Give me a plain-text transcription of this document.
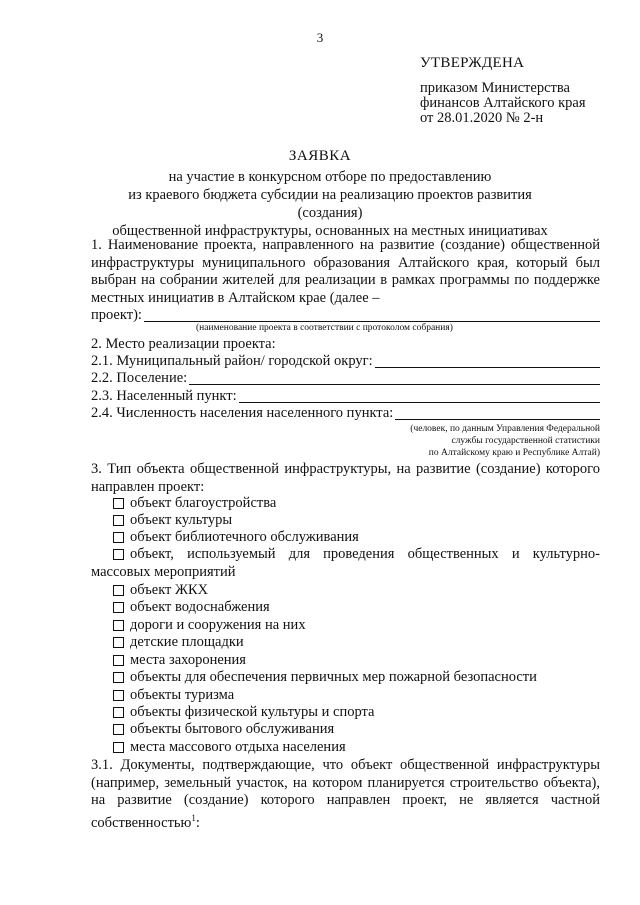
3
УТВЕРЖДЕНА
приказом Министерства
финансов Алтайского края
от 28.01.2020 № 2-н
ЗАЯВКА
на участие в конкурсном отборе по предоставлению
из краевого бюджета субсидии на реализацию проектов развития (создания)
общественной инфраструктуры, основанных на местных инициативах
1. Наименование проекта, направленного на развитие (создание) общественной инфраструктуры муниципального образования Алтайского края, который был выбран на собрании жителей для реализации в рамках программы по поддержке местных инициатив в Алтайском крае (далее –
проект):
(наименование проекта в соответствии с протоколом собрания)
2. Место реализации проекта:
2.1. Муниципальный район/ городской округ:
2.2. Поселение:
2.3. Населенный пункт:
2.4. Численность населения населенного пункта:
(человек, по данным Управления Федеральной
службы государственной статистики
по Алтайскому краю и Республике Алтай)
3. Тип объекта общественной инфраструктуры, на развитие (создание) которого направлен проект:
объект благоустройства
объект культуры
объект библиотечного обслуживания
объект, используемый для проведения общественных и культурно-массовых мероприятий
объект ЖКХ
объект водоснабжения
дороги и сооружения на них
детские площадки
места захоронения
объекты для обеспечения первичных мер пожарной безопасности
объекты туризма
объекты физической культуры и спорта
объекты бытового обслуживания
места массового отдыха населения
3.1. Документы, подтверждающие, что объект общественной инфраструктуры (например, земельный участок, на котором планируется строительство объекта), на развитие (создание) которого направлен проект, не является частной собственностью$^1$:
